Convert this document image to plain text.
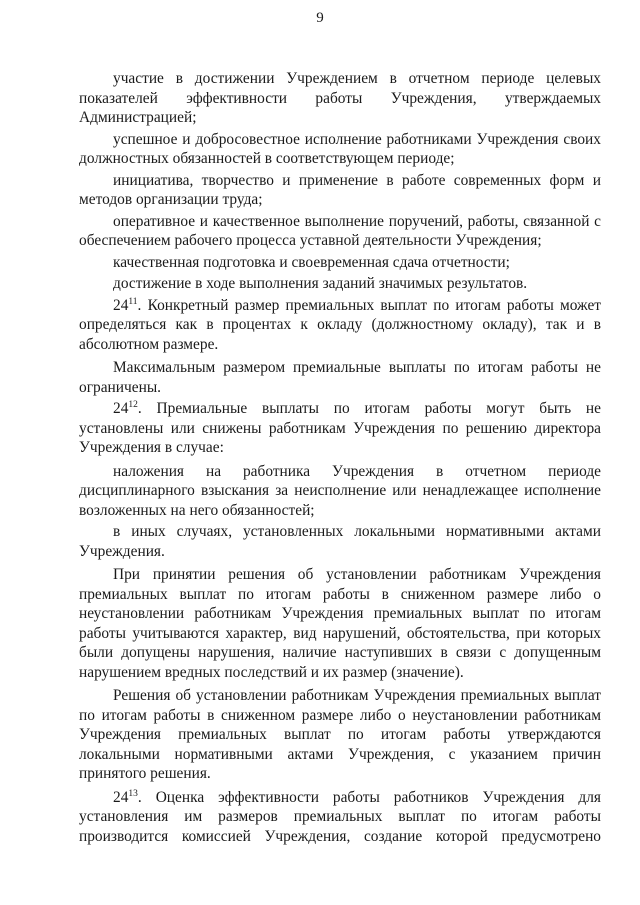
9

участие в достижении Учреждением в отчетном периоде целевых показателей эффективности работы Учреждения, утверждаемых Администрацией;

успешное и добросовестное исполнение работниками Учреждения своих должностных обязанностей в соответствующем периоде;

инициатива, творчество и применение в работе современных форм и методов организации труда;

оперативное и качественное выполнение поручений, работы, связанной с обеспечением рабочего процесса уставной деятельности Учреждения;

качественная подготовка и своевременная сдача отчетности;

достижение в ходе выполнения заданий значимых результатов.

$24^{11}$. Конкретный размер премиальных выплат по итогам работы может определяться как в процентах к окладу (должностному окладу), так и в абсолютном размере.

Максимальным размером премиальные выплаты по итогам работы не ограничены.

$24^{12}$. Премиальные выплаты по итогам работы могут быть не установлены или снижены работникам Учреждения по решению директора Учреждения в случае:

наложения на работника Учреждения в отчетном периоде дисциплинарного взыскания за неисполнение или ненадлежащее исполнение возложенных на него обязанностей;

в иных случаях, установленных локальными нормативными актами Учреждения.

При принятии решения об установлении работникам Учреждения премиальных выплат по итогам работы в сниженном размере либо о неустановлении работникам Учреждения премиальных выплат по итогам работы учитываются характер, вид нарушений, обстоятельства, при которых были допущены нарушения, наличие наступивших в связи с допущенным нарушением вредных последствий и их размер (значение).

Решения об установлении работникам Учреждения премиальных выплат по итогам работы в сниженном размере либо о неустановлении работникам Учреждения премиальных выплат по итогам работы утверждаются локальными нормативными актами Учреждения, с указанием причин принятого решения.

$24^{13}$. Оценка эффективности работы работников Учреждения для установления им размеров премиальных выплат по итогам работы производится комиссией Учреждения, создание которой предусмотрено
